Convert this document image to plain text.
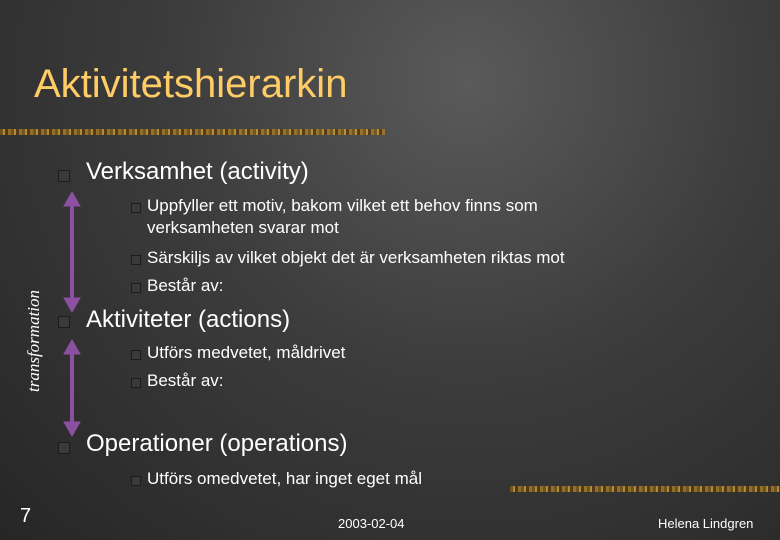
Aktivitetshierarkin
transformation
Verksamhet (activity)
Uppfyller ett motiv, bakom vilket ett behov finns som
verksamheten svarar mot
Särskiljs av vilket objekt det är verksamheten riktas mot
Består av:
Aktiviteter (actions)
Utförs medvetet, måldrivet
Består av:
Operationer (operations)
Utförs omedvetet, har inget eget mål
7	2003-02-04	Helena Lindgren
